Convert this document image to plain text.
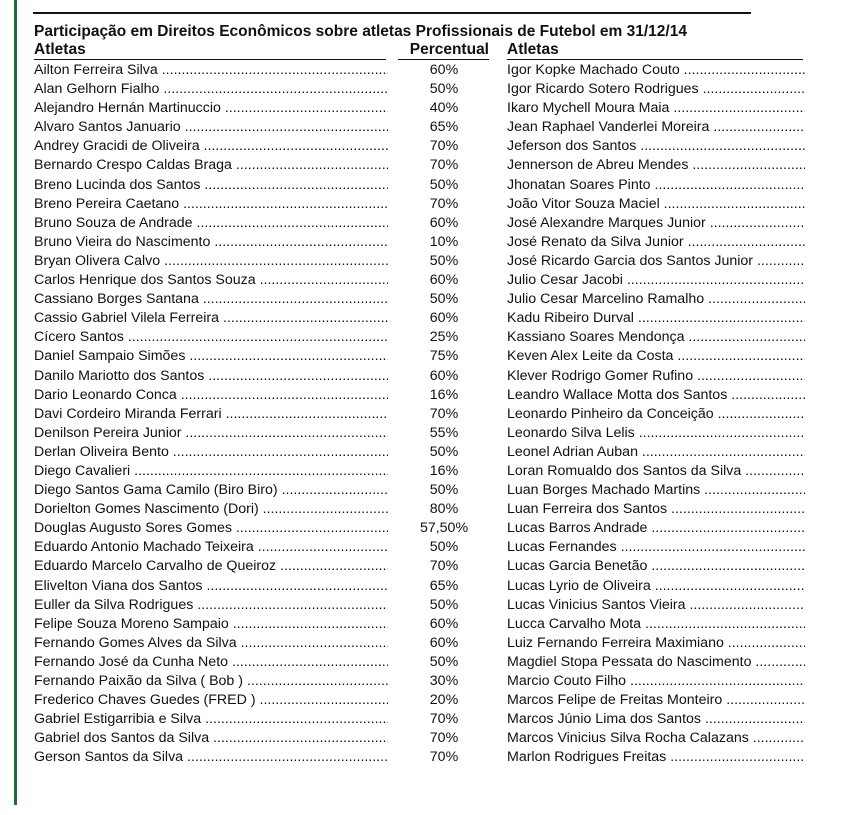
Participação em Direitos Econômicos sobre atletas Profissionais de Futebol em 31/12/14
Atletas	Percentual Atletas
Ailton Ferreira Silva .....
Alan Gelhorn Fialho .....
Alejandro Hernán Martinuccio .....
Alvaro Santos Januario .....
Andrey Gracidi de Oliveira .....
Bernardo Crespo Caldas Braga .....
Breno Lucinda dos Santos .....
Breno Pereira Caetano .....
Bruno Souza de Andrade .....
Bruno Vieira do Nascimento .....
Bryan Olivera Calvo .....
Carlos Henrique dos Santos Souza .....
Cassiano Borges Santana .....
Cassio Gabriel Vilela Ferreira .....
Cícero Santos .....
Daniel Sampaio Simões .....
Danilo Mariotto dos Santos .....
Dario Leonardo Conca .....
Davi Cordeiro Miranda Ferrari .....
Denilson Pereira Junior .....
Derlan Oliveira Bento .....
Diego Cavalieri .....
Diego Santos Gama Camilo (Biro Biro) .....
Dorielton Gomes Nascimento (Dori) .....
Douglas Augusto Sores Gomes .....
Eduardo Antonio Machado Teixeira .....
Eduardo Marcelo Carvalho de Queiroz .....
Elivelton Viana dos Santos .....
Euller da Silva Rodrigues .....
Felipe Souza Moreno Sampaio .....
Fernando Gomes Alves da Silva .....
Fernando José da Cunha Neto .....
Fernando Paixão da Silva ( Bob ) .....
Frederico Chaves Guedes (FRED ) .....
Gabriel Estigarribia e Silva .....
Gabriel dos Santos da Silva .....
Gerson Santos da Silva .....
60%
50%
40%
65%
70%
70%
50%
70%
60%
10%
50%
60%
50%
60%
25%
75%
60%
16%
70%
55%
50%
16%
50%
80%
57,50%
50%
70%
65%
50%
60%
60%
50%
30%
20%
70%
70%
70%
Igor Kopke Machado Couto .....
Igor Ricardo Sotero Rodrigues .....
Ikaro Mychell Moura Maia .....
Jean Raphael Vanderlei Moreira .....
Jeferson dos Santos .....
Jennerson de Abreu Mendes .....
Jhonatan Soares Pinto .....
João Vitor Souza Maciel .....
José Alexandre Marques Junior .....
José Renato da Silva Junior .....
José Ricardo Garcia dos Santos Junior .....
Julio Cesar Jacobi .....
Julio Cesar Marcelino Ramalho .....
Kadu Ribeiro Durval .....
Kassiano Soares Mendonça .....
Keven Alex Leite da Costa .....
Klever Rodrigo Gomer Rufino .....
Leandro Wallace Motta dos Santos .....
Leonardo Pinheiro da Conceição .....
Leonardo Silva Lelis .....
Leonel Adrian Auban .....
Loran Romualdo dos Santos da Silva .....
Luan Borges Machado Martins .....
Luan Ferreira dos Santos .....
Lucas Barros Andrade .....
Lucas Fernandes .....
Lucas Garcia Benetão .....
Lucas Lyrio de Oliveira .....
Lucas Vinicius Santos Vieira .....
Lucca Carvalho Mota .....
Luiz Fernando Ferreira Maximiano .....
Magdiel Stopa Pessata do Nascimento .....
Marcio Couto Filho .....
Marcos Felipe de Freitas Monteiro .....
Marcos Júnio Lima dos Santos .....
Marcos Vinicius Silva Rocha Calazans .....
Marlon Rodrigues Freitas .....
